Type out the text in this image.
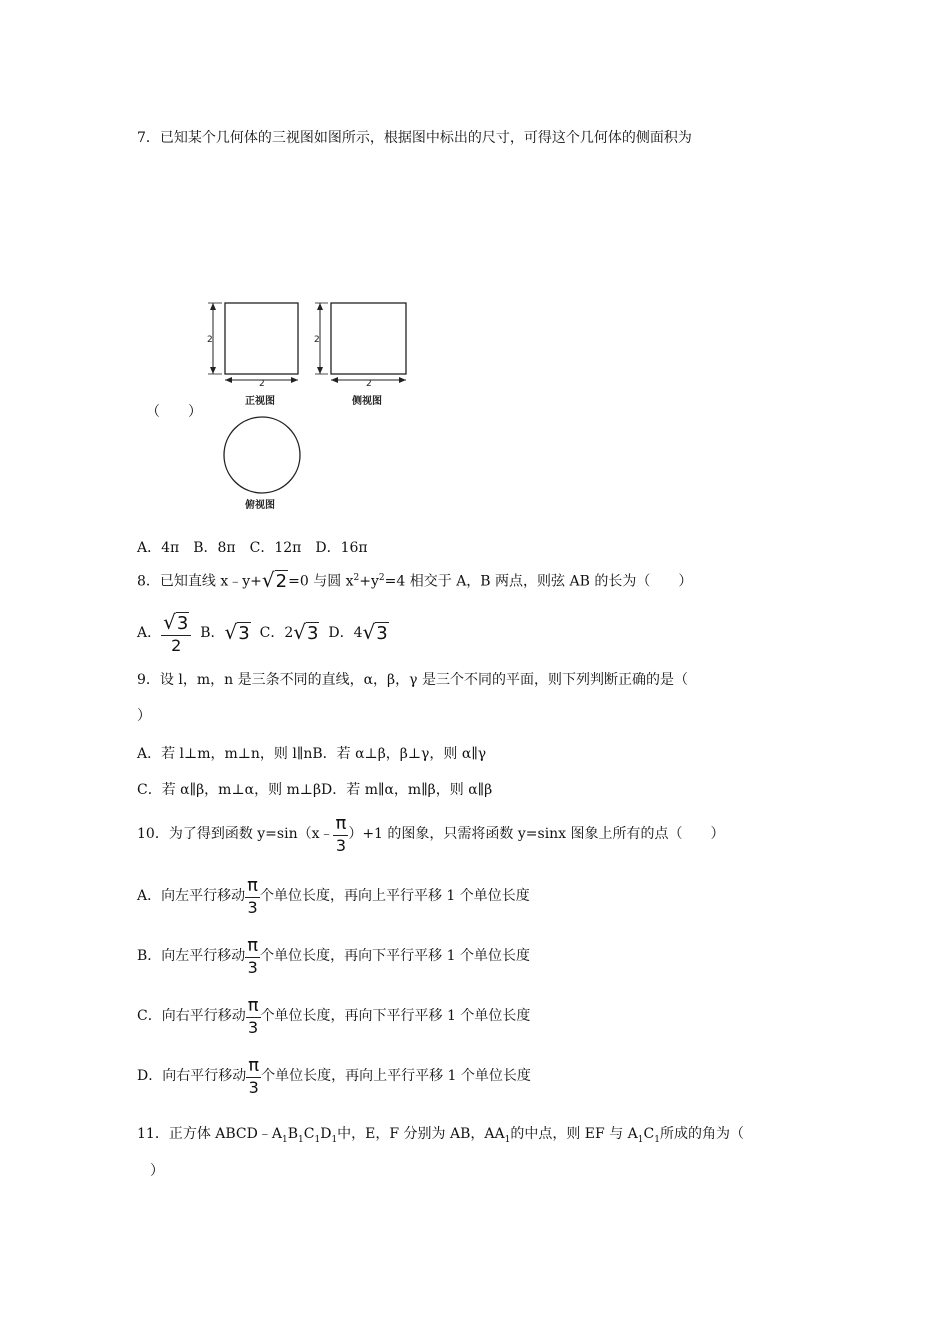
7．已知某个几何体的三视图如图所示，根据图中标出的尺寸，可得这个几何体的侧面积为
2
2
正视图
2
2
侧视图
俯视图
（　　）
A．4π　B．8π　C．12π　D．16π
8．已知直线 x﹣y+√2=0 与圆 $x^2+y^2=4$ 相交于 A，B 两点，则弦 AB 的长为（　　）
A． $\frac{√3}{2}$ B．√3 C．2√3 D．4√3
9．设 l，m，n 是三条不同的直线，α，β，γ 是三个不同的平面，则下列判断正确的是（
）
A．若 l⊥m，m⊥n，则 l∥nB．若 α⊥β，β⊥γ，则 α∥γ
C．若 α∥β，m⊥α，则 m⊥βD．若 m∥α，m∥β，则 α∥β
10．为了得到函数 y=sin（x﹣ $\frac{\pi}{3} )+1$ 的图象，只需将函数 y=sinx 图象上所有的点（　　）
A．向左平行移动 $\frac{\pi}{3}$ 个单位长度，再向上平行平移 1 个单位长度
B．向左平行移动 $\frac{\pi}{3}$ 个单位长度，再向下平行平移 1 个单位长度
C．向右平行移动 $\frac{\pi}{3}$ 个单位长度，再向下平行平移 1 个单位长度
D．向右平行移动 $\frac{\pi}{3}$ 个单位长度，再向上平行平移 1 个单位长度
11．正方体 $ABCD﹣A_1B_1C_1D_1$中，E，F 分别为 AB，$AA_1$的中点，则 EF 与 $A_1C_1$所成的角为（
）
